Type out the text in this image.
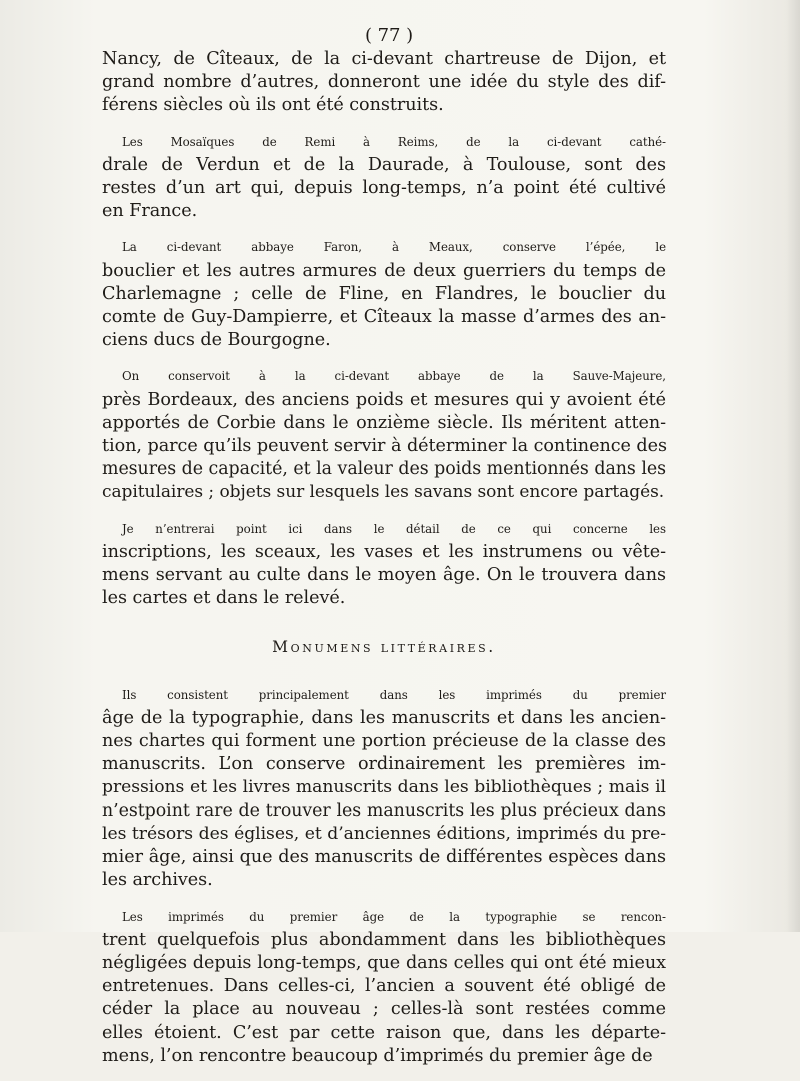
( 77 )
Nancy, de Cîteaux, de la ci-devant chartreuse de Dijon, et
grand nombre d’autres, donneront une idée du style des dif-
férens siècles où ils ont été construits.
Les Mosaïques de Remi à Reims, de la ci-devant cathé-
drale de Verdun et de la Daurade, à Toulouse, sont des
restes d’un art qui, depuis long-temps, n’a point été cultivé
en France.
La ci-devant abbaye Faron, à Meaux, conserve l’épée, le
bouclier et les autres armures de deux guerriers du temps de
Charlemagne ; celle de Fline, en Flandres, le bouclier du
comte de Guy-Dampierre, et Cîteaux la masse d’armes des an-
ciens ducs de Bourgogne.
On conservoit à la ci-devant abbaye de la Sauve-Majeure,
près Bordeaux, des anciens poids et mesures qui y avoient été
apportés de Corbie dans le onzième siècle. Ils méritent atten-
tion, parce qu’ils peuvent servir à déterminer la continence des
mesures de capacité, et la valeur des poids mentionnés dans les
capitulaires ; objets sur lesquels les savans sont encore partagés.
Je n’entrerai point ici dans le détail de ce qui concerne les
inscriptions, les sceaux, les vases et les instrumens ou vête-
mens servant au culte dans le moyen âge. On le trouvera dans
les cartes et dans le relevé.
Monumens littéraires.
Ils consistent principalement dans les imprimés du premier
âge de la typographie, dans les manuscrits et dans les ancien-
nes chartes qui forment une portion précieuse de la classe des
manuscrits. L’on conserve ordinairement les premières im-
pressions et les livres manuscrits dans les bibliothèques ; mais il
n’estpoint rare de trouver les manuscrits les plus précieux dans
les trésors des églises, et d’anciennes éditions, imprimés du pre-
mier âge, ainsi que des manuscrits de différentes espèces dans
les archives.
Les imprimés du premier âge de la typographie se rencon-
trent quelquefois plus abondamment dans les bibliothèques
négligées depuis long-temps, que dans celles qui ont été mieux
entretenues. Dans celles-ci, l’ancien a souvent été obligé de
céder la place au nouveau ; celles-là sont restées comme
elles étoient. C’est par cette raison que, dans les départe-
mens, l’on rencontre beaucoup d’imprimés du premier âge de
